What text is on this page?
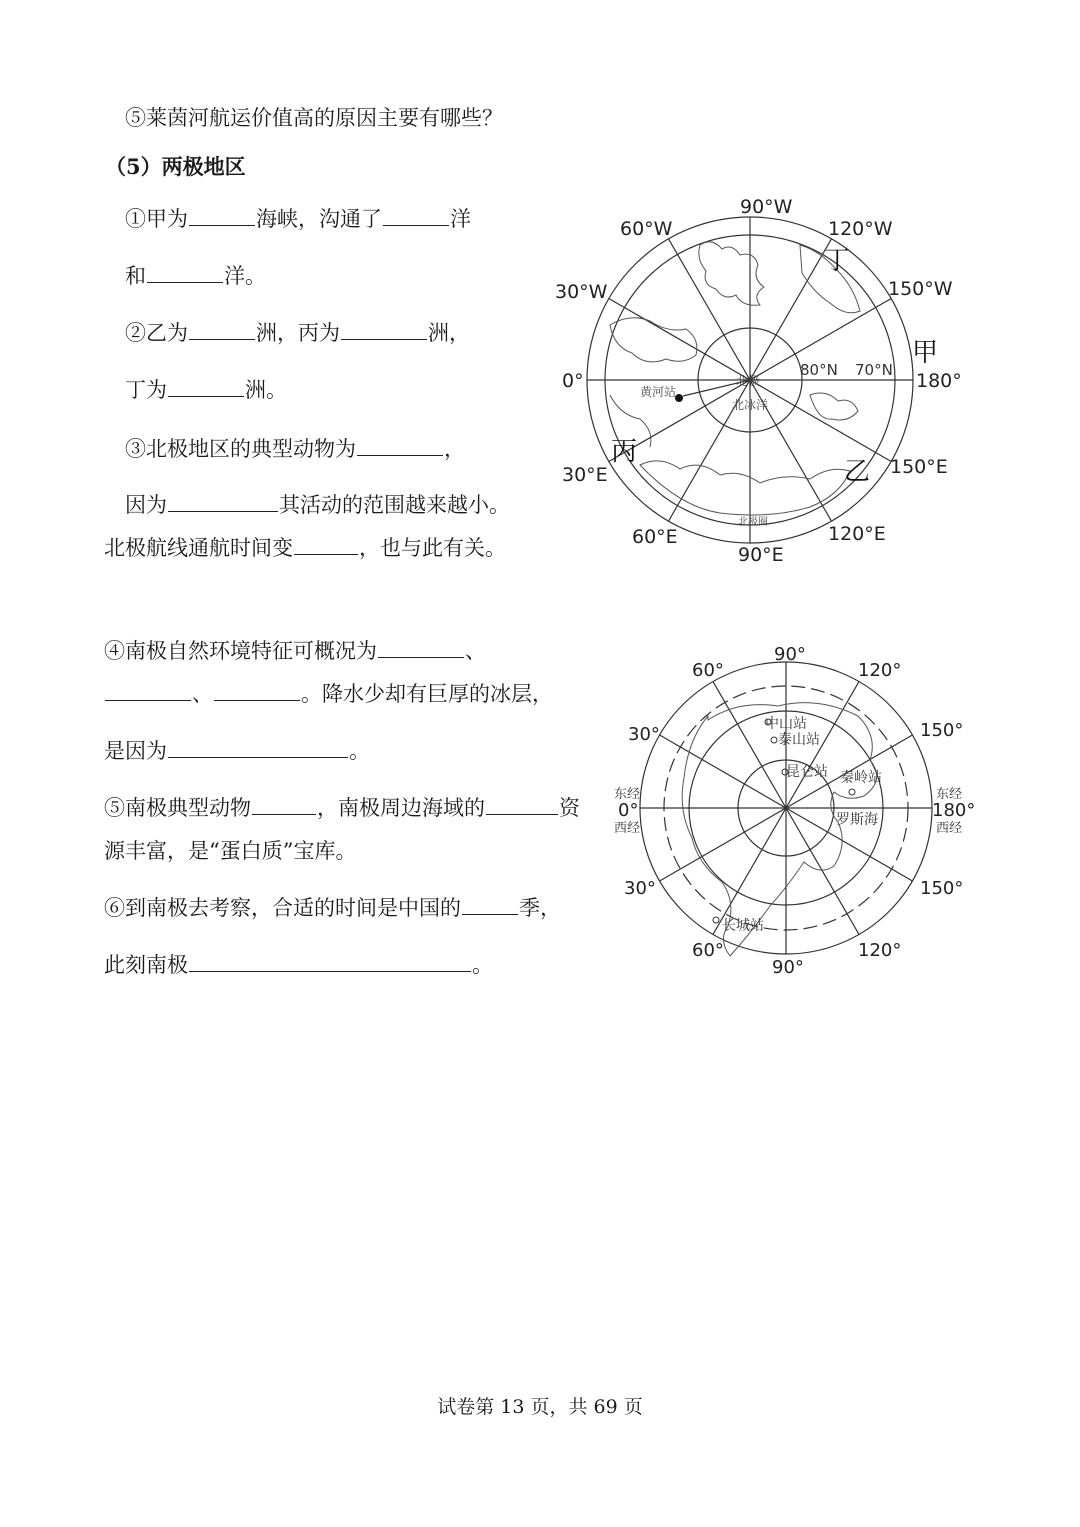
⑤莱茵河航运价值高的原因主要有哪些？
（5）两极地区
①甲为	海峡，沟通了	洋
和	洋。
②乙为	洲，丙为	洲，
丁为	洲。
③北极地区的典型动物为	，
因为	其活动的范围越来越小。
北极航线通航时间变	，也与此有关。
④南极自然环境特征可概况为	、
、	。降水少却有巨厚的冰层，
是因为	。
⑤南极典型动物	，南极周边海域的	资
源丰富，是“蛋白质”宝库。
⑥到南极去考察，合适的时间是中国的	季，
此刻南极	。
90°W
120°W
150°W
180°
150°E
120°E
90°E
60°E
30°E
0°
30°W
60°W
80°N 70°N
甲
乙
丙
丁
黄河站
北极
北冰洋
北极圈
90°
120°
150°
180°
150°
120°
90°
60°
30°
0°
30°
60°
东经
西经
东经
西经
中山站
泰山站
昆仑站 秦岭站
罗斯海
长城站
试卷第 13 页，共 69 页
